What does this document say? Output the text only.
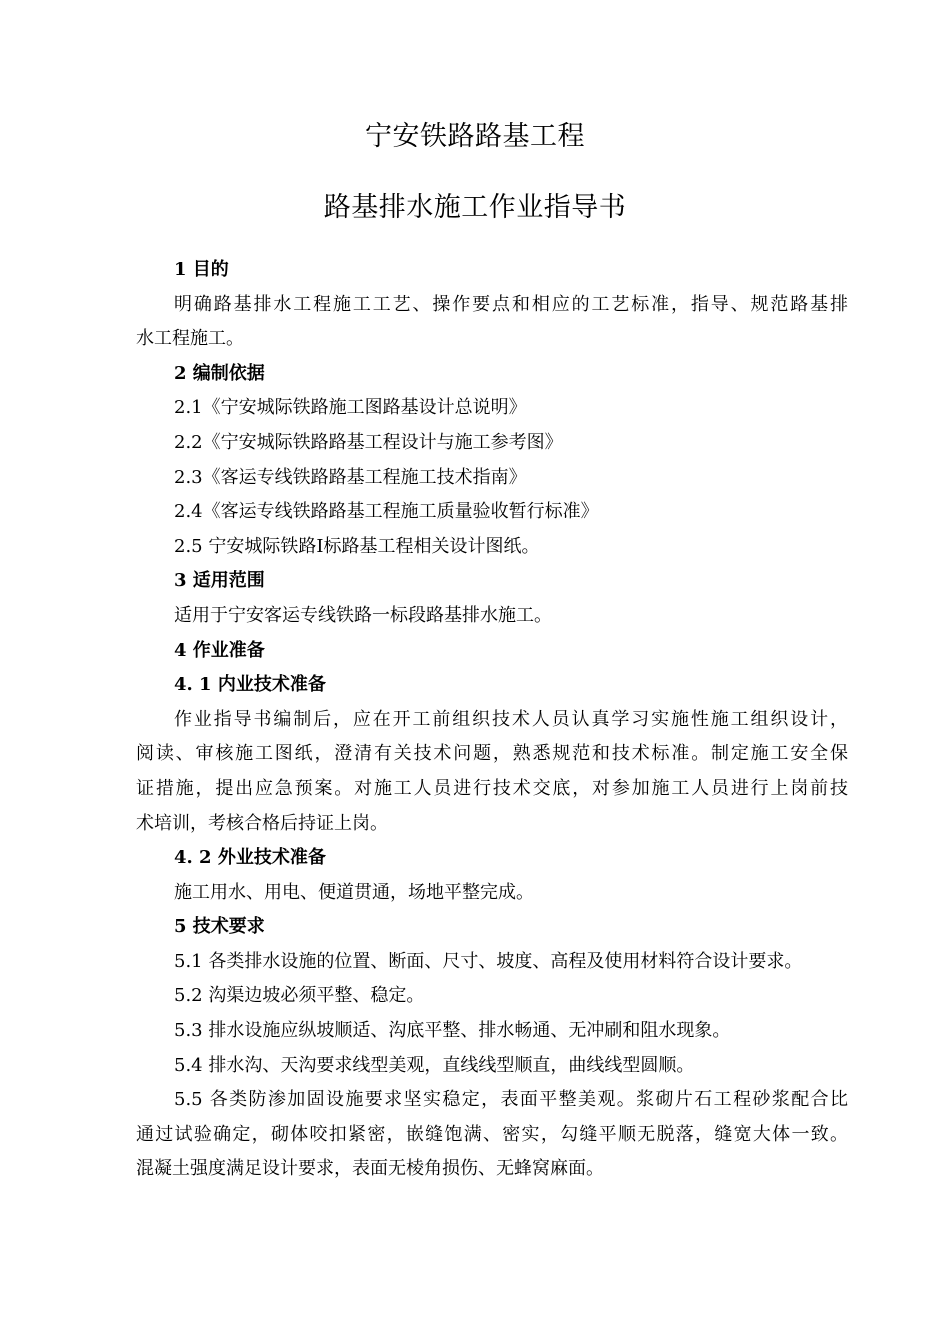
宁安铁路路基工程
路基排水施工作业指导书
1 目的
明确路基排水工程施工工艺、操作要点和相应的工艺标准，指导、规范路基排
水工程施工。
2 编制依据
2.1《宁安城际铁路施工图路基设计总说明》
2.2《宁安城际铁路路基工程设计与施工参考图》
2.3《客运专线铁路路基工程施工技术指南》
2.4《客运专线铁路路基工程施工质量验收暂行标准》
2.5 宁安城际铁路Ⅰ标路基工程相关设计图纸。
3 适用范围
适用于宁安客运专线铁路一标段路基排水施工。
4 作业准备
4. 1 内业技术准备
作业指导书编制后，应在开工前组织技术人员认真学习实施性施工组织设计，
阅读、审核施工图纸，澄清有关技术问题，熟悉规范和技术标准。制定施工安全保
证措施，提出应急预案。对施工人员进行技术交底，对参加施工人员进行上岗前技
术培训，考核合格后持证上岗。
4. 2 外业技术准备
施工用水、用电、便道贯通，场地平整完成。
5 技术要求
5.1 各类排水设施的位置、断面、尺寸、坡度、高程及使用材料符合设计要求。
5.2 沟渠边坡必须平整、稳定。
5.3 排水设施应纵坡顺适、沟底平整、排水畅通、无冲刷和阻水现象。
5.4 排水沟、天沟要求线型美观，直线线型顺直，曲线线型圆顺。
5.5 各类防渗加固设施要求坚实稳定，表面平整美观。浆砌片石工程砂浆配合比
通过试验确定，砌体咬扣紧密，嵌缝饱满、密实，勾缝平顺无脱落，缝宽大体一致。
混凝土强度满足设计要求，表面无棱角损伤、无蜂窝麻面。
